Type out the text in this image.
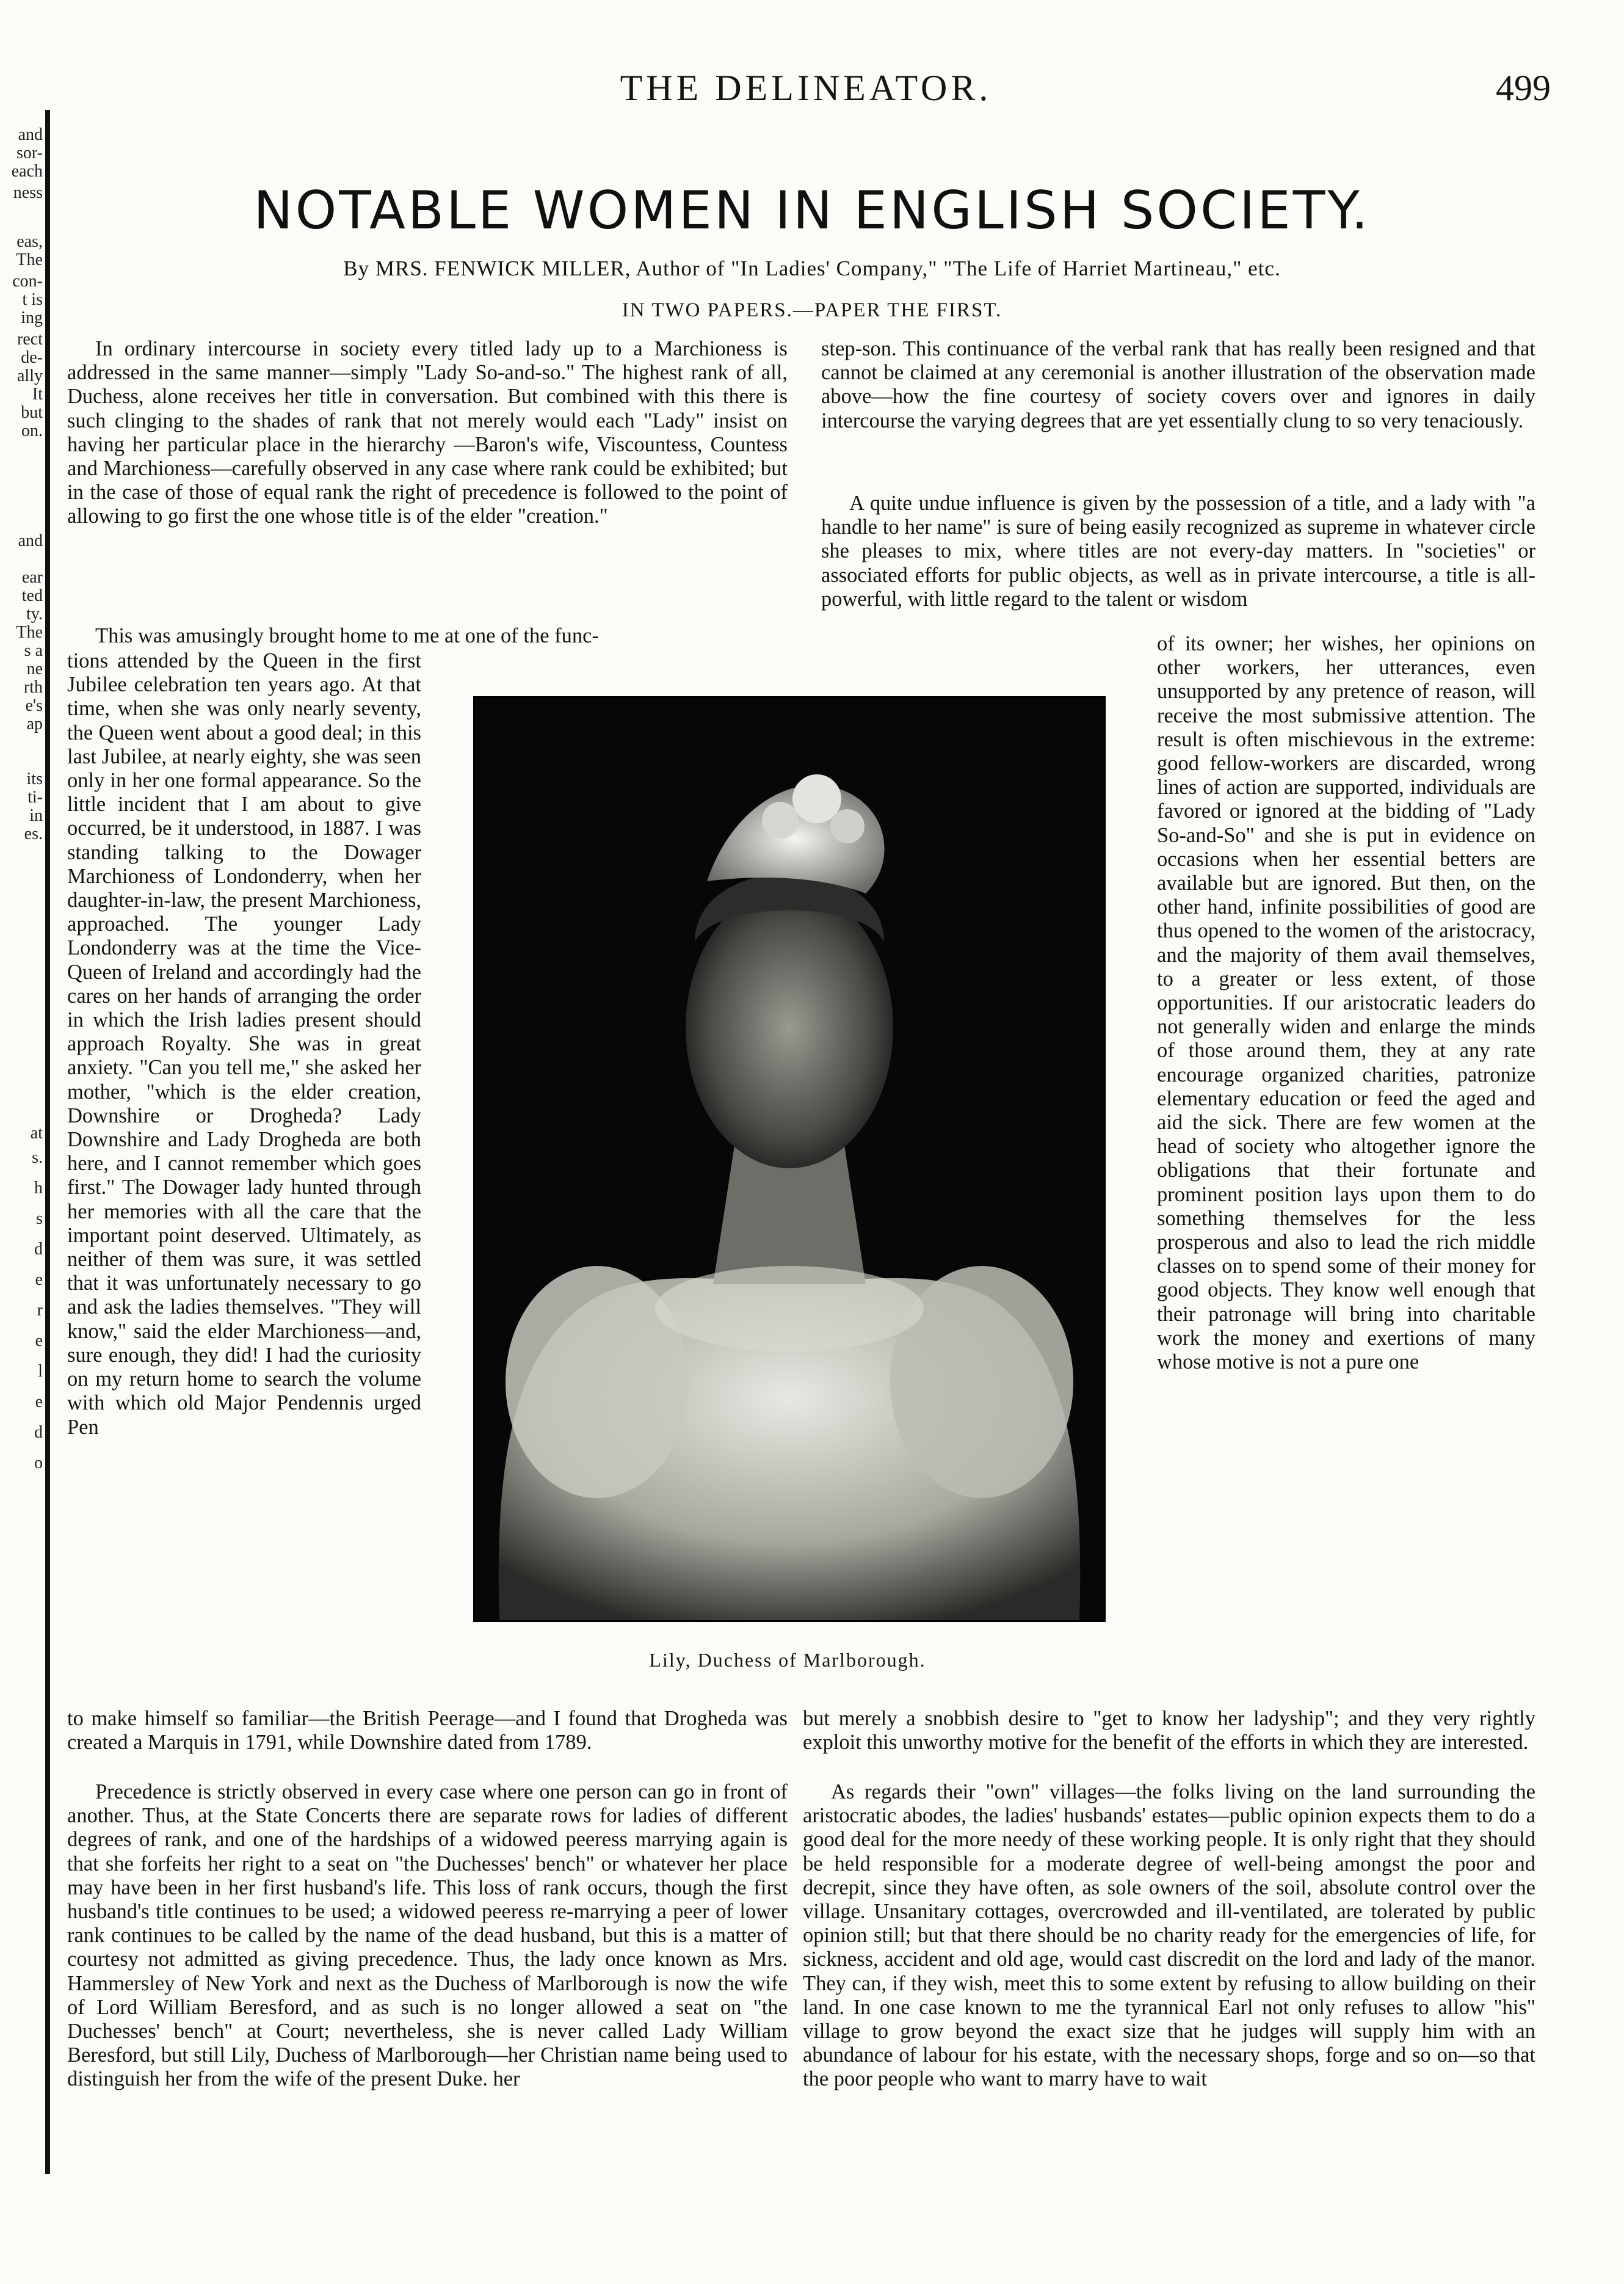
and
sor-
each
ness
eas,
The
con-
t is
ing
rect
de-
ally
It
but
on.
and
ear
ted
ty.
The
s a
ne
rth
e's
ap
its
ti-
in
es.
at
s.
h
s
d
e
r
e
l
e
d
o
THE DELINEATOR.	499
NOTABLE WOMEN IN ENGLISH SOCIETY.
By MRS. FENWICK MILLER, Author of "In Ladies' Company," "The Life of Harriet Martineau," etc.
IN TWO PAPERS.—PAPER THE FIRST.

In ordinary intercourse in society every titled lady up to a Marchioness is addressed in the same manner—simply "Lady So-and-so." The highest rank of all, Duchess, alone receives her title in conversation. But combined with this there is such clinging to the shades of rank that not merely would each "Lady" insist on having her particular place in the hierarchy —Baron's wife, Viscountess, Countess and Marchioness—carefully observed in any case where rank could be exhibited; but in the case of those of equal rank the right of precedence is followed to the point of allowing to go first the one whose title is of the elder "creation."

This was amusingly brought home to me at one of the func-

tions attended by the Queen in the first Jubilee celebration ten years ago. At that time, when she was only nearly seventy, the Queen went about a good deal; in this last Jubilee, at nearly eighty, she was seen only in her one formal appearance. So the little incident that I am about to give occurred, be it understood, in 1887. I was standing talking to the Dowager Marchioness of Londonderry, when her daughter-in-law, the present Marchioness, approached. The younger Lady Londonderry was at the time the Vice-Queen of Ireland and accordingly had the cares on her hands of arranging the order in which the Irish ladies present should approach Royalty. She was in great anxiety. "Can you tell me," she asked her mother, "which is the elder creation, Downshire or Drogheda? Lady Downshire and Lady Drogheda are both here, and I cannot remember which goes first." The Dowager lady hunted through her memories with all the care that the important point deserved. Ultimately, as neither of them was sure, it was settled that it was unfortunately necessary to go and ask the ladies themselves. "They will know," said the elder Marchioness—and, sure enough, they did! I had the curiosity on my return home to search the volume with which old Major Pendennis urged Pen

to make himself so familiar—the British Peerage—and I found that Drogheda was created a Marquis in 1791, while Downshire dated from 1789.

Precedence is strictly observed in every case where one person can go in front of another. Thus, at the State Concerts there are separate rows for ladies of different degrees of rank, and one of the hardships of a widowed peeress marrying again is that she forfeits her right to a seat on "the Duchesses' bench" or whatever her place may have been in her first husband's life. This loss of rank occurs, though the first husband's title continues to be used; a widowed peeress re-marrying a peer of lower rank continues to be called by the name of the dead husband, but this is a matter of courtesy not admitted as giving precedence. Thus, the lady once known as Mrs. Hammersley of New York and next as the Duchess of Marlborough is now the wife of Lord William Beresford, and as such is no longer allowed a seat on "the Duchesses' bench" at Court; nevertheless, she is never called Lady William Beresford, but still Lily, Duchess of Marlborough—her Christian name being used to distinguish her from the wife of the present Duke. her

step-son. This continuance of the verbal rank that has really been resigned and that cannot be claimed at any ceremonial is another illustration of the observation made above—how the fine courtesy of society covers over and ignores in daily intercourse the varying degrees that are yet essentially clung to so very tenaciously.

A quite undue influence is given by the possession of a title, and a lady with "a handle to her name" is sure of being easily recognized as supreme in whatever circle she pleases to mix, where titles are not every-day matters. In "societies" or associated efforts for public objects, as well as in private intercourse, a title is all-powerful, with little regard to the talent or wisdom

of its owner; her wishes, her opinions on other workers, her utterances, even unsupported by any pretence of reason, will receive the most submissive attention. The result is often mischievous in the extreme: good fellow-workers are discarded, wrong lines of action are supported, individuals are favored or ignored at the bidding of "Lady So-and-So" and she is put in evidence on occasions when her essential betters are available but are ignored. But then, on the other hand, infinite possibilities of good are thus opened to the women of the aristocracy, and the majority of them avail themselves, to a greater or less extent, of those opportunities. If our aristocratic leaders do not generally widen and enlarge the minds of those around them, they at any rate encourage organized charities, patronize elementary education or feed the aged and aid the sick. There are few women at the head of society who altogether ignore the obligations that their fortunate and prominent position lays upon them to do something themselves for the less prosperous and also to lead the rich middle classes on to spend some of their money for good objects. They know well enough that their patronage will bring into charitable work the money and exertions of many whose motive is not a pure one

but merely a snobbish desire to "get to know her ladyship"; and they very rightly exploit this unworthy motive for the benefit of the efforts in which they are interested.

As regards their "own" villages—the folks living on the land surrounding the aristocratic abodes, the ladies' husbands' estates—public opinion expects them to do a good deal for the more needy of these working people. It is only right that they should be held responsible for a moderate degree of well-being amongst the poor and decrepit, since they have often, as sole owners of the soil, absolute control over the village. Unsanitary cottages, overcrowded and ill-ventilated, are tolerated by public opinion still; but that there should be no charity ready for the emergencies of life, for sickness, accident and old age, would cast discredit on the lord and lady of the manor. They can, if they wish, meet this to some extent by refusing to allow building on their land. In one case known to me the tyrannical Earl not only refuses to allow "his" village to grow beyond the exact size that he judges will supply him with an abundance of labour for his estate, with the necessary shops, forge and so on—so that the poor people who want to marry have to wait

Lily, Duchess of Marlborough.
